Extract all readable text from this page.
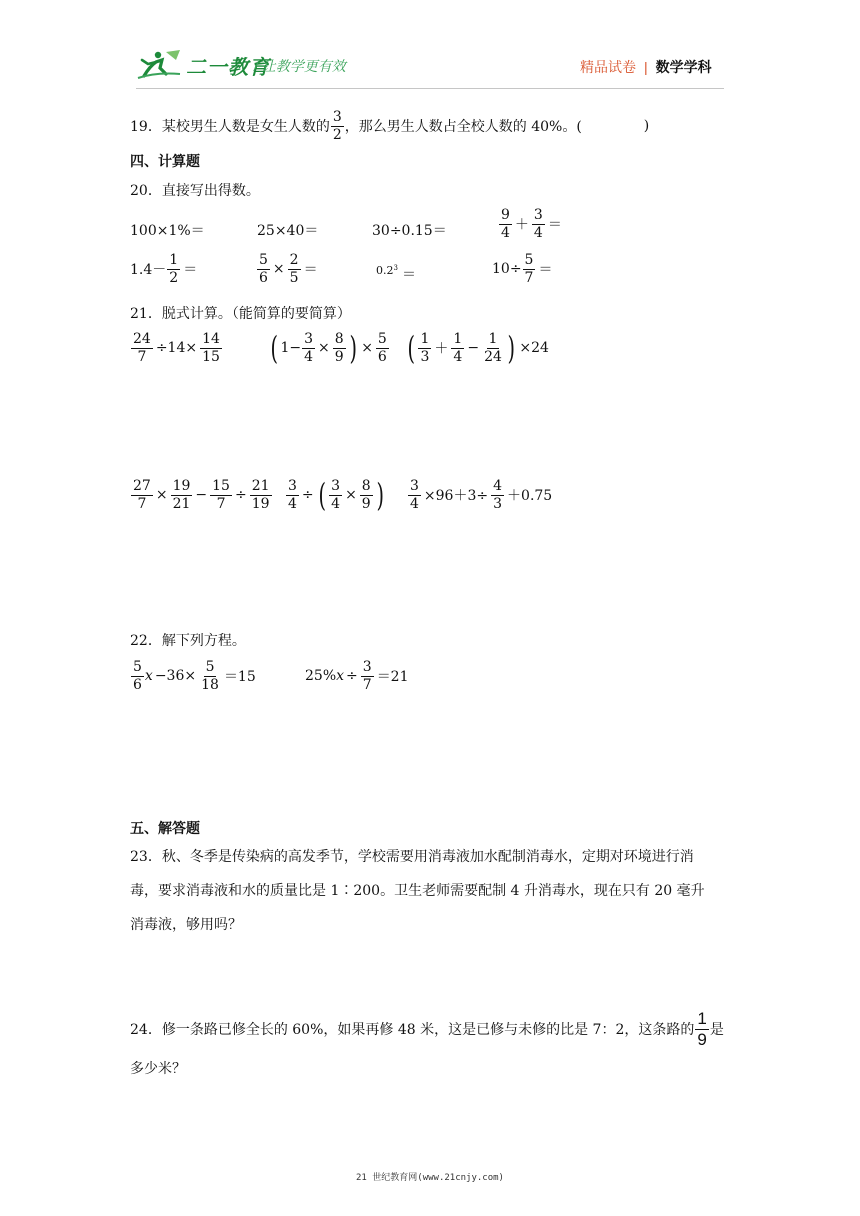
二一教育
/ 让教学更有效	精品试卷 | 数学学科
19．某校男生人数是女生人数的 $\frac{3}{2}$ ，那么男生人数占全校人数的 40%。(	)
四、计算题
20．直接写出得数。
100×1%＝	25×40＝	30÷0.15＝	$\frac{9}{4} + \frac{3}{4}$ ＝
$1.4- \frac{1}{2}$ ＝	$\frac{5}{6} \times \frac{2}{5}$ ＝	0.2 3 ＝	$10\div \frac{5}{7}$ ＝
21．脱式计算。（能简算的要简算）
$\frac{24}{7} \div 14\times \frac{14}{15}$ ( $1- \frac{3}{4} \times \frac{8}{9}$ ) × $\frac{5}{6}$ ( $\frac{1}{3} + \frac{1}{4} - \frac{1}{24}$ ) ×24
$\frac{27}{7} \times \frac{19}{21} - \frac{15}{7} \div \frac{21}{19} \frac{3}{4}$ ÷ ( $\frac{3}{4} \times \frac{8}{9}$ ) $\frac{3}{4} \times 96+3\div \frac{4}{3} +0.75$
22．解下列方程。
$\frac{5}{6}$ $x -36\times \frac{5}{18} =15$	25% $x \div \frac{3}{7} =21$
五、解答题
23．秋、冬季是传染病的高发季节，学校需要用消毒液加水配制消毒水，定期对环境进行消
毒，要求消毒液和水的质量比是 1∶200。卫生老师需要配制 4 升消毒水，现在只有 20 毫升
消毒液，够用吗？
24．修一条路已修全长的 60%，如果再修 48 米，这是已修与未修的比是 7：2，这条路的 $\frac{1}{9}$ 是
多少米？
21 世纪教育网(www.21cnjy.com)
